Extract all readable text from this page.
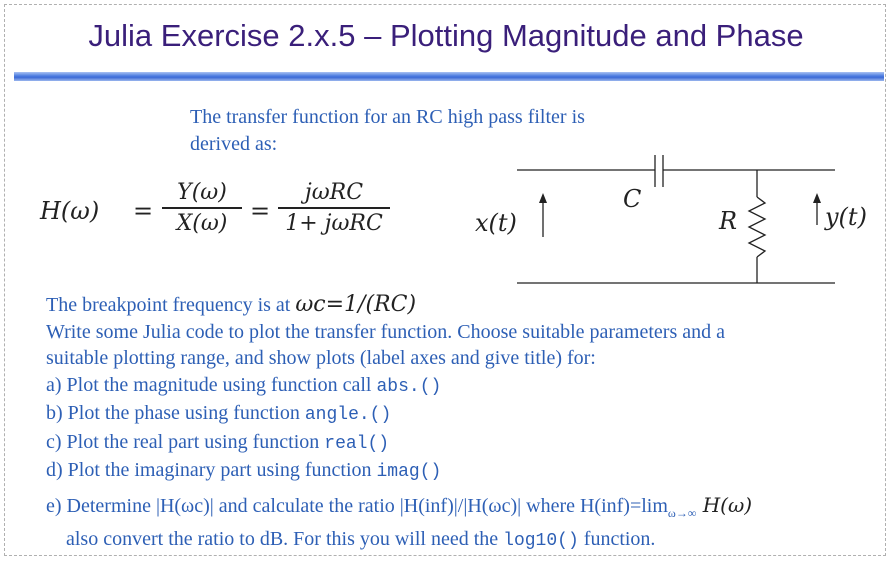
Julia Exercise 2.x.5 – Plotting Magnitude and Phase
The transfer function for an RC high pass filter is
derived as:
H(ω) =
Y(ω)
X(ω) =
jωRC
1+ jωRC	x(t)	y(t)
C
R
The breakpoint frequency is at ωc=1/(RC)
Write some Julia code to plot the transfer function. Choose suitable parameters and a
suitable plotting range, and show plots (label axes and give title) for:
a) Plot the magnitude using function call abs.()
b) Plot the phase using function angle.()
c) Plot the real part using function real()
d) Plot the imaginary part using function imag()
e) Determine |H(ωc)| and calculate the ratio |H(inf)|/|H(ωc)| where $H(inf)=\lim_{\omega\to\infty}$ H(ω)
also convert the ratio to dB. For this you will need the log10() function.
